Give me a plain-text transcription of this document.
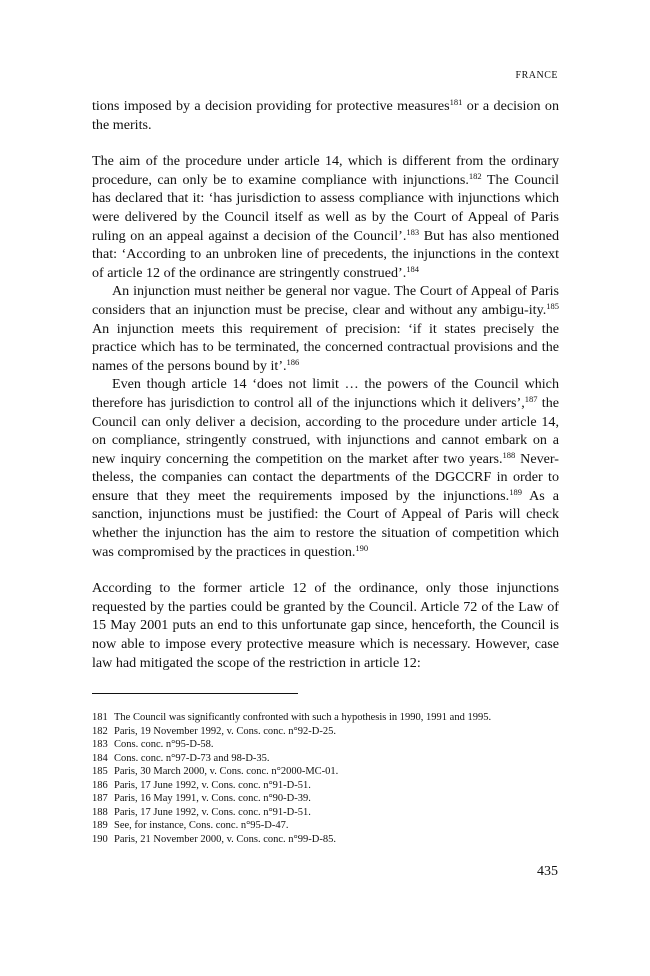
FRANCE

tions imposed by a decision providing for protective measures$^{181}$ or a decision on the merits.

The aim of the procedure under article 14, which is different from the ordinary procedure, can only be to examine compliance with injunctions.$^{182}$ The Council has declared that it: ‘has jurisdiction to assess compliance with injunctions which were delivered by the Council itself as well as by the Court of Appeal of Paris ruling on an appeal against a decision of the Council’.$^{183}$ But has also mentioned that: ‘According to an unbroken line of precedents, the injunctions in the context of article 12 of the ordinance are stringently construed’.$^{184}$

An injunction must neither be general nor vague. The Court of Appeal of Paris considers that an injunction must be precise, clear and without any ambigu-ity.$^{185}$ An injunction meets this requirement of precision: ‘if it states precisely the practice which has to be terminated, the concerned contractual provisions and the names of the persons bound by it’.$^{186}$

Even though article 14 ‘does not limit … the powers of the Council which therefore has jurisdiction to control all of the injunctions which it delivers’,$^{187}$ the Council can only deliver a decision, according to the procedure under article 14, on compliance, stringently construed, with injunctions and cannot embark on a new inquiry concerning the competition on the market after two years.$^{188}$ Never-theless, the companies can contact the departments of the DGCCRF in order to ensure that they meet the requirements imposed by the injunctions.$^{189}$ As a sanction, injunctions must be justified: the Court of Appeal of Paris will check whether the injunction has the aim to restore the situation of competition which was compromised by the practices in question.$^{190}$

According to the former article 12 of the ordinance, only those injunctions requested by the parties could be granted by the Council. Article 72 of the Law of 15 May 2001 puts an end to this unfortunate gap since, henceforth, the Council is now able to impose every protective measure which is necessary. However, case law had mitigated the scope of the restriction in article 12:

181 The Council was significantly confronted with such a hypothesis in 1990, 1991 and 1995.
182 Paris, 19 November 1992, v. Cons. conc. n°92-D-25.
183 Cons. conc. n°95-D-58.
184 Cons. conc. n°97-D-73 and 98-D-35.
185 Paris, 30 March 2000, v. Cons. conc. n°2000-MC-01.
186 Paris, 17 June 1992, v. Cons. conc. n°91-D-51.
187 Paris, 16 May 1991, v. Cons. conc. n°90-D-39.
188 Paris, 17 June 1992, v. Cons. conc. n°91-D-51.
189 See, for instance, Cons. conc. n°95-D-47.
190 Paris, 21 November 2000, v. Cons. conc. n°99-D-85.
435
